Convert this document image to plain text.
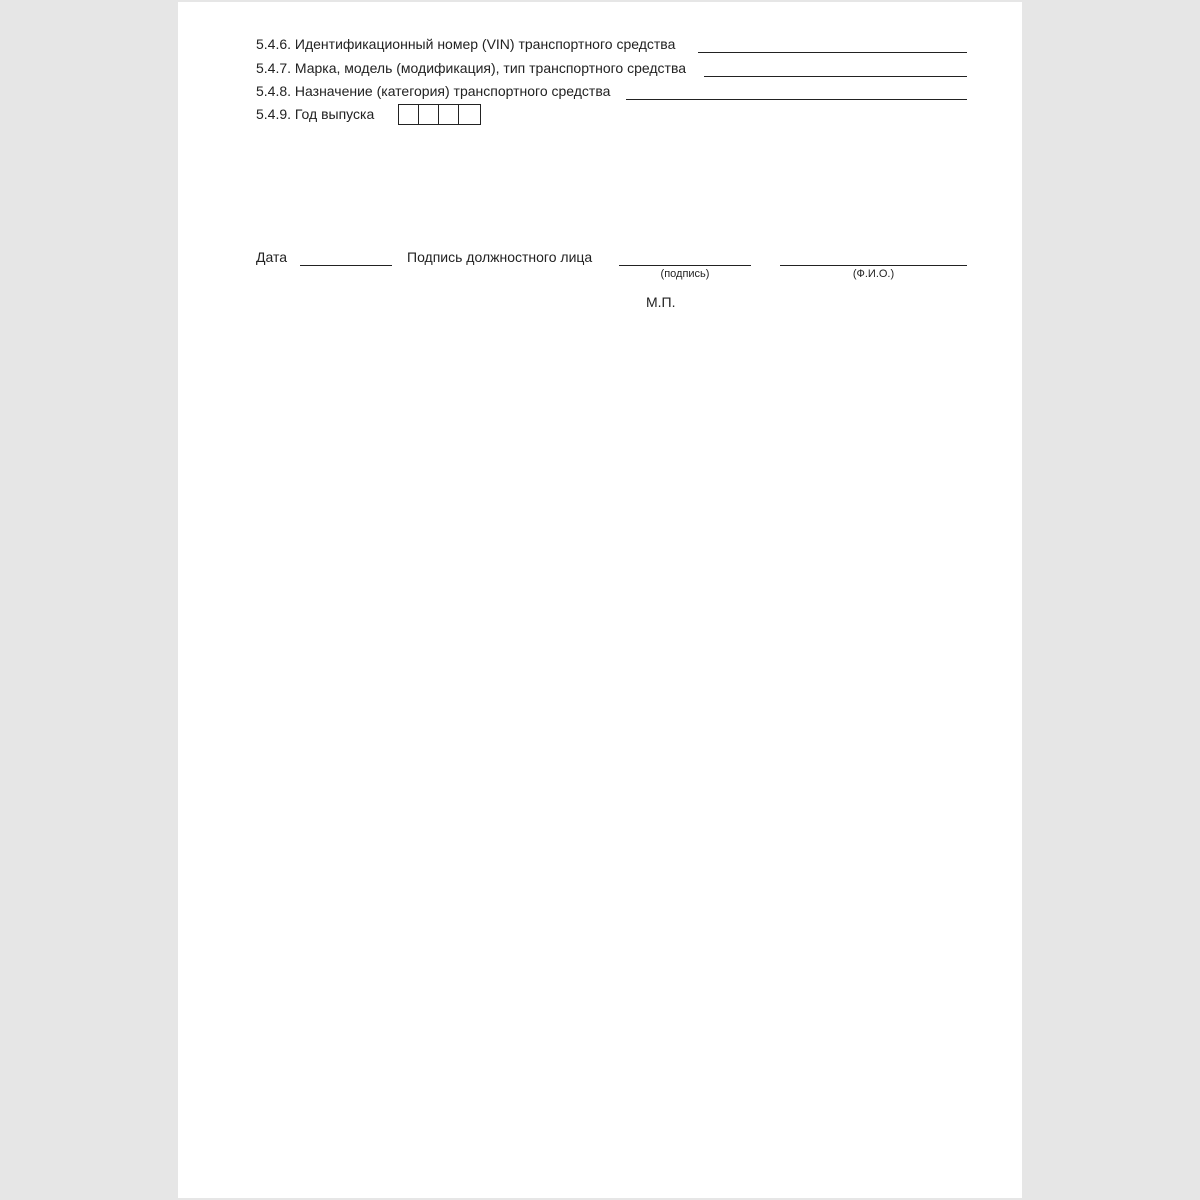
5.4.6. Идентификационный номер (VIN) транспортного средства
5.4.7. Марка, модель (модификация), тип транспортного средства
5.4.8. Назначение (категория) транспортного средства
5.4.9. Год выпуска
Дата	Подпись должностного лица
(подпись)	(Ф.И.О.)
М.П.
